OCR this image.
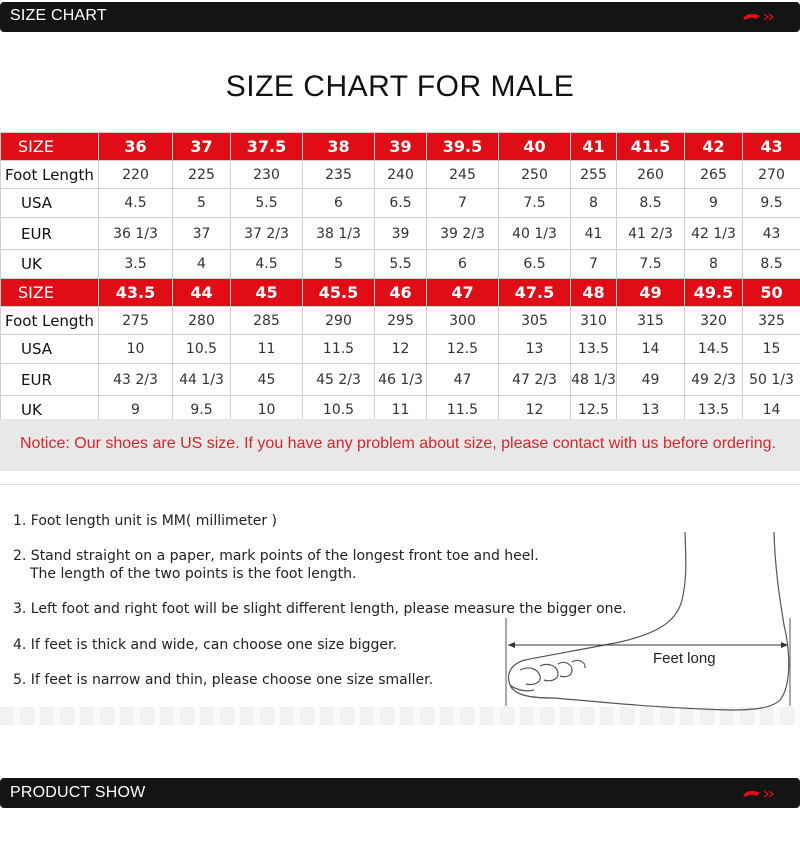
SIZE CHART
SIZE CHART FOR MALE
SIZE	36	37	37.5	38	39	39.5	40	41	41.5	42	43
Foot Length	220	225	230	235	240	245	250	255	260	265	270
USA	4.5	5	5.5	6	6.5	7	7.5	8	8.5	9	9.5
EUR	36 1/3	37	37 2/3	38 1/3	39	39 2/3	40 1/3	41	41 2/3	42 1/3	43
UK	3.5	4	4.5	5	5.5	6	6.5	7	7.5	8	8.5
SIZE	43.5	44	45	45.5	46	47	47.5	48	49	49.5	50
Foot Length	275	280	285	290	295	300	305	310	315	320	325
USA	10	10.5	11	11.5	12	12.5	13	13.5	14	14.5	15
EUR	43 2/3	44 1/3	45	45 2/3	46 1/3	47	47 2/3	48 1/3	49	49 2/3	50 1/3
UK	9	9.5	10	10.5	11	11.5	12	12.5	13	13.5	14
Notice: Our shoes are US size. If you have any problem about size, please contact with us before ordering.
1. Foot length unit is MM( millimeter )
2. Stand straight on a paper, mark points of the longest front toe and heel.
The length of the two points is the foot length.
3. Left foot and right foot will be slight different length, please measure the bigger one.
4. If feet is thick and wide, can choose one size bigger.
5. If feet is narrow and thin, please choose one size smaller.
Feet long
PRODUCT SHOW
